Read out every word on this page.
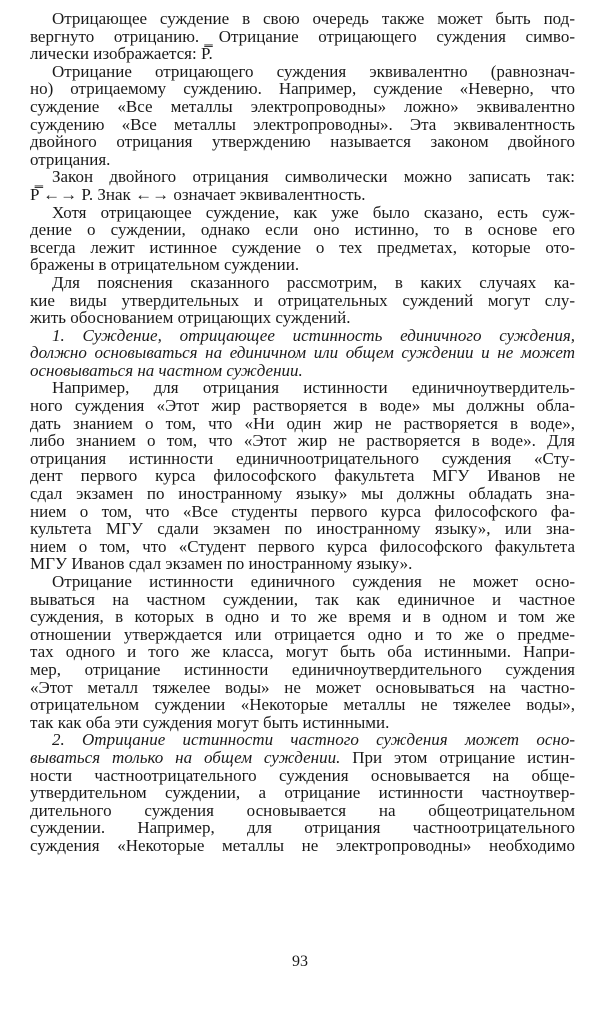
Отрицающее суждение в свою очередь также может быть под-
вергнуто отрицанию. Отрицание отрицающего суждения симво-
лически изображается: P̿.
Отрицание отрицающего суждения эквивалентно (равнознач-
но) отрицаемому суждению. Например, суждение «Неверно, что
суждение «Все металлы электропроводны» ложно» эквивалентно
суждению «Все металлы электропроводны». Эта эквивалентность
двойного отрицания утверждению называется законом двойного
отрицания.
Закон двойного отрицания символически можно записать так:
P̿ ←→ P. Знак ←→ означает эквивалентность.
Хотя отрицающее суждение, как уже было сказано, есть суж-
дение о суждении, однако если оно истинно, то в основе его
всегда лежит истинное суждение о тех предметах, которые ото-
бражены в отрицательном суждении.
Для пояснения сказанного рассмотрим, в каких случаях ка-
кие виды утвердительных и отрицательных суждений могут слу-
жить обоснованием отрицающих суждений.
1. Суждение, отрицающее истинность единичного суждения,
должно основываться на единичном или общем суждении и не может
основываться на частном суждении.
Например, для отрицания истинности единичноутвердитель-
ного суждения «Этот жир растворяется в воде» мы должны обла-
дать знанием о том, что «Ни один жир не растворяется в воде»,
либо знанием о том, что «Этот жир не растворяется в воде». Для
отрицания истинности единичноотрицательного суждения «Сту-
дент первого курса философского факультета МГУ Иванов не
сдал экзамен по иностранному языку» мы должны обладать зна-
нием о том, что «Все студенты первого курса философского фа-
культета МГУ сдали экзамен по иностранному языку», или зна-
нием о том, что «Студент первого курса философского факультета
МГУ Иванов сдал экзамен по иностранному языку».
Отрицание истинности единичного суждения не может осно-
вываться на частном суждении, так как единичное и частное
суждения, в которых в одно и то же время и в одном и том же
отношении утверждается или отрицается одно и то же о предме-
тах одного и того же класса, могут быть оба истинными. Напри-
мер, отрицание истинности единичноутвердительного суждения
«Этот металл тяжелее воды» не может основываться на частно-
отрицательном суждении «Некоторые металлы не тяжелее воды»,
так как оба эти суждения могут быть истинными.
2. Отрицание истинности частного суждения может осно-
вываться только на общем суждении. При этом отрицание истин-
ности частноотрицательного суждения основывается на обще-
утвердительном суждении, а отрицание истинности частноутвер-
дительного суждения основывается на общеотрицательном
суждении. Например, для отрицания частноотрицательного
суждения «Некоторые металлы не электропроводны» необходимо
93
